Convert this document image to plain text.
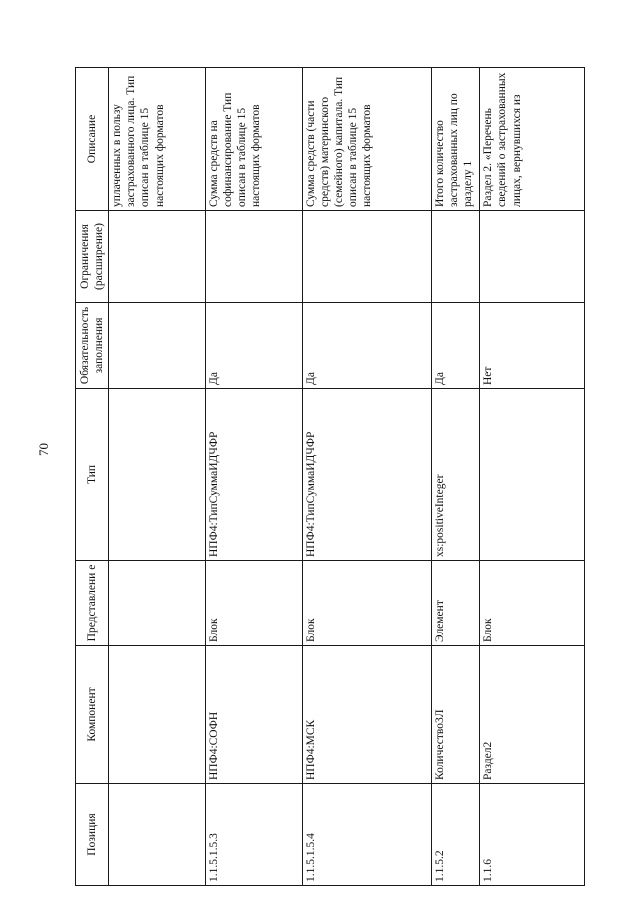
70
Позиция	Компонент	Представлени е	Тип	Обязательность заполнения	Ограничения (расширение)	Описание
						уплаченных в пользу застрахованного лица. Тип описан в таблице 15 настоящих форматов
1.1.5.1.5.3	НПФ4:СОФН	Блок	НПФ4:ТипСуммаИДЧФР	Да		Сумма средств на софинансирование Тип описан в таблице 15 настоящих форматов
1.1.5.1.5.4	НПФ4:МСК	Блок	НПФ4:ТипСуммаИДЧФР	Да		Сумма средств (части средств) материнского (семейного) капитала. Тип описан в таблице 15 настоящих форматов
1.1.5.2	Количество3Л	Элемент	xs:positiveInteger	Да		Итого количество застрахованных лиц по разделу 1
1.1.6	Раздел2	Блок		Нет		Раздел 2. «Перечень сведений о застрахованных лицах, вернувшихся из
